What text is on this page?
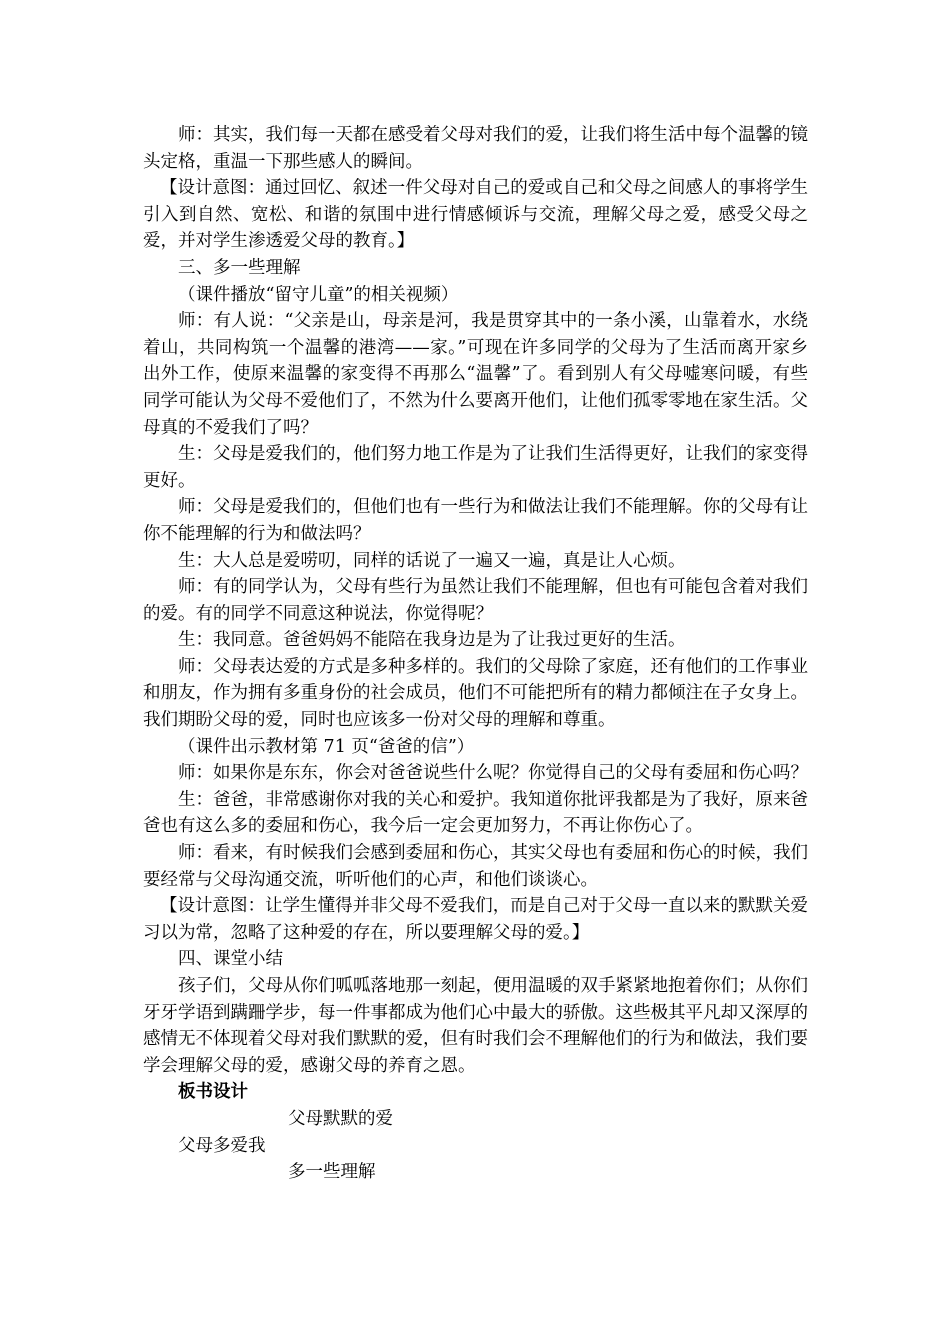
师：其实，我们每一天都在感受着父母对我们的爱，让我们将生活中每个温馨的镜头定格，重温一下那些感人的瞬间。

【设计意图：通过回忆、叙述一件父母对自己的爱或自己和父母之间感人的事将学生引入到自然、宽松、和谐的氛围中进行情感倾诉与交流，理解父母之爱，感受父母之爱，并对学生渗透爱父母的教育。】

三、多一些理解

（课件播放“留守儿童”的相关视频）

师：有人说：“父亲是山，母亲是河，我是贯穿其中的一条小溪，山靠着水，水绕着山，共同构筑一个温馨的港湾——家。”可现在许多同学的父母为了生活而离开家乡出外工作，使原来温馨的家变得不再那么“温馨”了。看到别人有父母嘘寒问暖，有些同学可能认为父母不爱他们了，不然为什么要离开他们，让他们孤零零地在家生活。父母真的不爱我们了吗？

生：父母是爱我们的，他们努力地工作是为了让我们生活得更好，让我们的家变得更好。

师：父母是爱我们的，但他们也有一些行为和做法让我们不能理解。你的父母有让你不能理解的行为和做法吗？

生：大人总是爱唠叨，同样的话说了一遍又一遍，真是让人心烦。

师：有的同学认为，父母有些行为虽然让我们不能理解，但也有可能包含着对我们的爱。有的同学不同意这种说法，你觉得呢？

生：我同意。爸爸妈妈不能陪在我身边是为了让我过更好的生活。

师：父母表达爱的方式是多种多样的。我们的父母除了家庭，还有他们的工作事业和朋友，作为拥有多重身份的社会成员，他们不可能把所有的精力都倾注在子女身上。我们期盼父母的爱，同时也应该多一份对父母的理解和尊重。

（课件出示教材第 71 页“爸爸的信”）

师：如果你是东东，你会对爸爸说些什么呢？你觉得自己的父母有委屈和伤心吗？

生：爸爸，非常感谢你对我的关心和爱护。我知道你批评我都是为了我好，原来爸爸也有这么多的委屈和伤心，我今后一定会更加努力，不再让你伤心了。

师：看来，有时候我们会感到委屈和伤心，其实父母也有委屈和伤心的时候，我们要经常与父母沟通交流，听听他们的心声，和他们谈谈心。

【设计意图：让学生懂得并非父母不爱我们，而是自己对于父母一直以来的默默关爱习以为常，忽略了这种爱的存在，所以要理解父母的爱。】

四、课堂小结

孩子们，父母从你们呱呱落地那一刻起，便用温暖的双手紧紧地抱着你们；从你们牙牙学语到蹒跚学步，每一件事都成为他们心中最大的骄傲。这些极其平凡却又深厚的感情无不体现着父母对我们默默的爱，但有时我们会不理解他们的行为和做法，我们要学会理解父母的爱，感谢父母的养育之恩。

板书设计

父母默默的爱
父母多爱我
多一些理解
